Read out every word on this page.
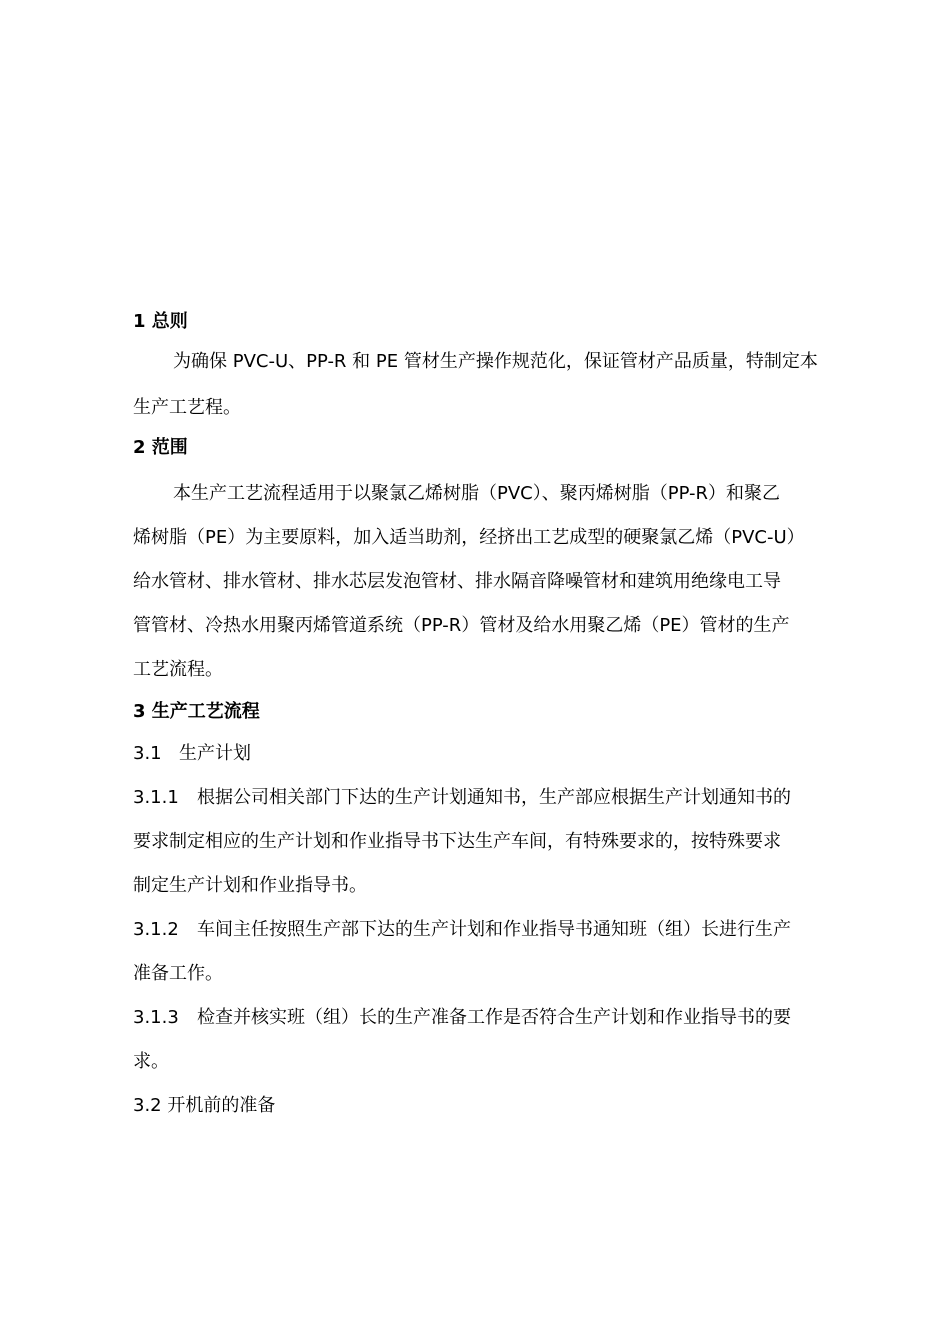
1 总则
为确保 PVC-U、PP-R 和 PE 管材生产操作规范化，保证管材产品质量，特制定本
生产工艺程。
2 范围
本生产工艺流程适用于以聚氯乙烯树脂（PVC）、聚丙烯树脂（PP-R）和聚乙
烯树脂（PE）为主要原料，加入适当助剂，经挤出工艺成型的硬聚氯乙烯（PVC-U）
给水管材、排水管材、排水芯层发泡管材、排水隔音降噪管材和建筑用绝缘电工导
管管材、冷热水用聚丙烯管道系统（PP-R）管材及给水用聚乙烯（PE）管材的生产
工艺流程。
3 生产工艺流程
3.1 生产计划
3.1.1 根据公司相关部门下达的生产计划通知书，生产部应根据生产计划通知书的
要求制定相应的生产计划和作业指导书下达生产车间，有特殊要求的，按特殊要求
制定生产计划和作业指导书。
3.1.2 车间主任按照生产部下达的生产计划和作业指导书通知班（组）长进行生产
准备工作。
3.1.3 检查并核实班（组）长的生产准备工作是否符合生产计划和作业指导书的要
求。
3.2 开机前的准备
